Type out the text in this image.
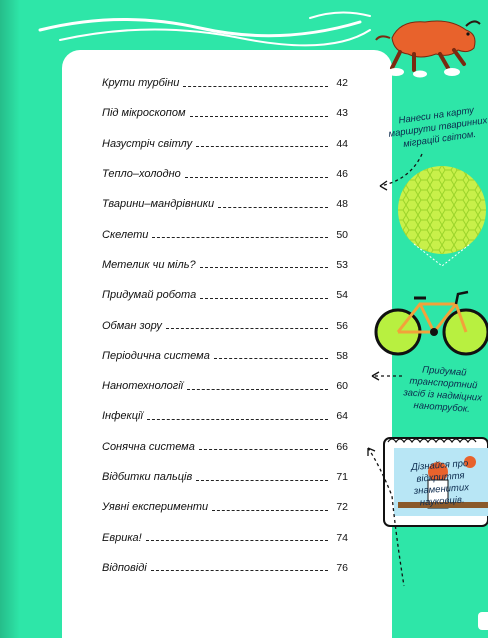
Крути турбіни	42
Під мікроскопом	43
Назустріч світлу	44
Тепло–холодно	46
Тварини–мандрівники	48
Скелети	50
Метелик чи міль?	53
Придумай робота	54
Обман зору	56
Періодична система	58
Нанотехнології	60
Інфекції	64
Сонячна система	66
Відбитки пальців	71
Уявні експерименти	72
Еврика!	74
Відповіді	76
Нанеси на карту маршрути тваринних міграцій світом.
Придумай транспортний засіб із надміцних нанотрубок.
Дізнайся про відкриття знаменитих науковців.
